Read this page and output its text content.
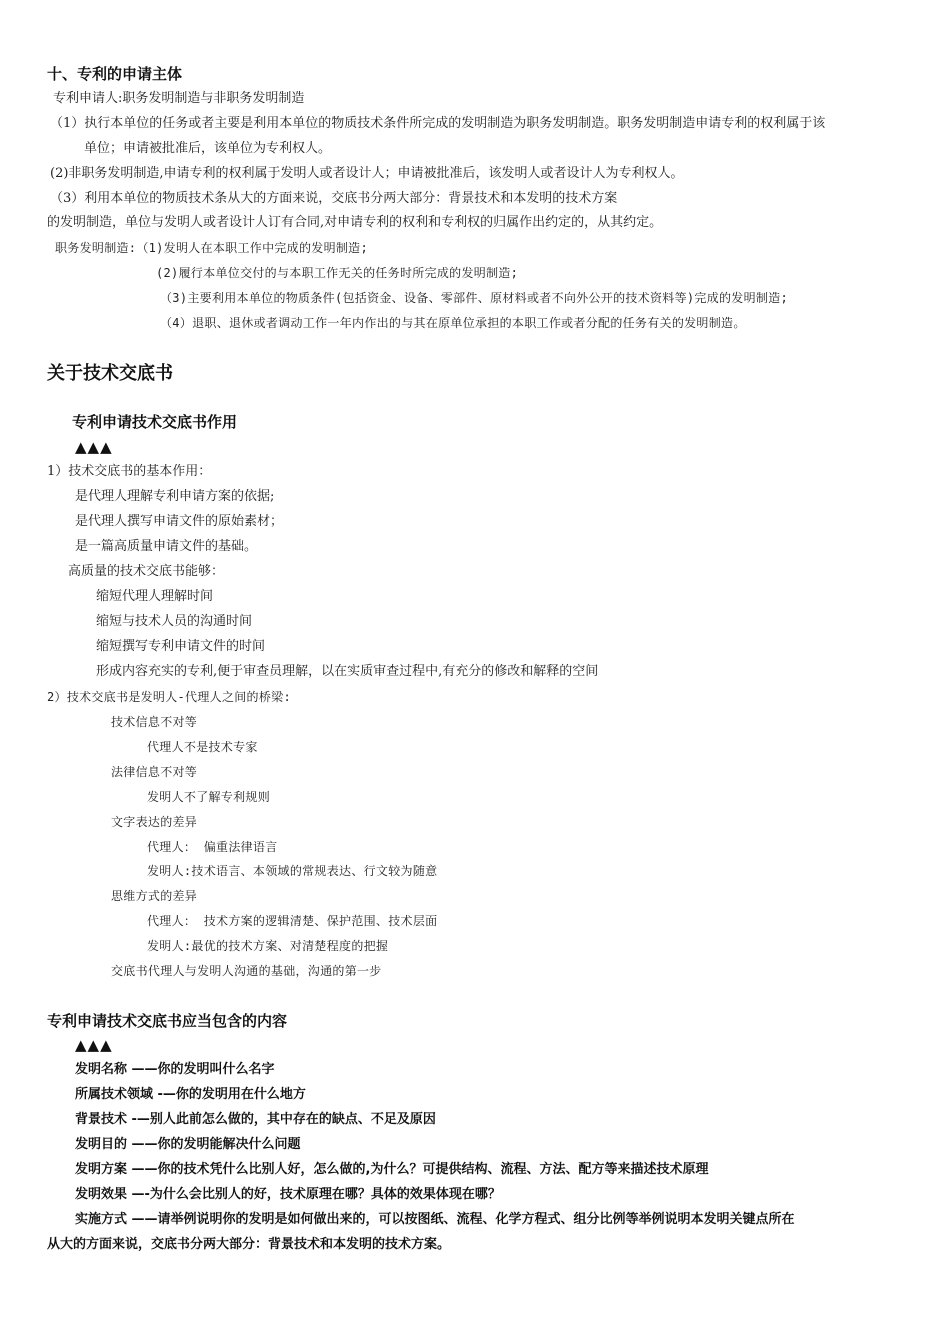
十、专利的申请主体
专利申请人:职务发明制造与非职务发明制造
（1）执行本单位的任务或者主要是利用本单位的物质技术条件所完成的发明制造为职务发明制造。职务发明制造申请专利的权利属于该
单位；申请被批准后，该单位为专利权人。
(2)非职务发明制造,申请专利的权利属于发明人或者设计人；申请被批准后，该发明人或者设计人为专利权人。
（3）利用本单位的物质技术条从大的方面来说，交底书分两大部分：背景技术和本发明的技术方案
的发明制造，单位与发明人或者设计人订有合同,对申请专利的权利和专利权的归属作出约定的，从其约定。
职务发明制造:（1)发明人在本职工作中完成的发明制造;
(2)履行本单位交付的与本职工作无关的任务时所完成的发明制造;
（3)主要利用本单位的物质条件(包括资金、设备、零部件、原材料或者不向外公开的技术资料等)完成的发明制造;
（4）退职、退休或者调动工作一年内作出的与其在原单位承担的本职工作或者分配的任务有关的发明制造。
关于技术交底书
专利申请技术交底书作用
▲▲▲
1）技术交底书的基本作用：
是代理人理解专利申请方案的依据;
是代理人撰写申请文件的原始素材；
是一篇高质量申请文件的基础。
高质量的技术交底书能够：
缩短代理人理解时间
缩短与技术人员的沟通时间
缩短撰写专利申请文件的时间
形成内容充实的专利,便于审查员理解，以在实质审查过程中,有充分的修改和解释的空间
2）技术交底书是发明人-代理人之间的桥梁:
技术信息不对等
代理人不是技术专家
法律信息不对等
发明人不了解专利规则
文字表达的差异
代理人： 偏重法律语言
发明人:技术语言、本领域的常规表达、行文较为随意
思维方式的差异
代理人： 技术方案的逻辑清楚、保护范围、技术层面
发明人:最优的技术方案、对清楚程度的把握
交底书代理人与发明人沟通的基础，沟通的第一步
专利申请技术交底书应当包含的内容
▲▲▲
发明名称 ——你的发明叫什么名字
所属技术领域 -—你的发明用在什么地方
背景技术 -—别人此前怎么做的，其中存在的缺点、不足及原因
发明目的 ——你的发明能解决什么问题
发明方案 ——你的技术凭什么比别人好，怎么做的,为什么？可提供结构、流程、方法、配方等来描述技术原理
发明效果 —-为什么会比别人的好，技术原理在哪？具体的效果体现在哪？
实施方式 ——请举例说明你的发明是如何做出来的，可以按图纸、流程、化学方程式、组分比例等举例说明本发明关键点所在
从大的方面来说，交底书分两大部分：背景技术和本发明的技术方案。
